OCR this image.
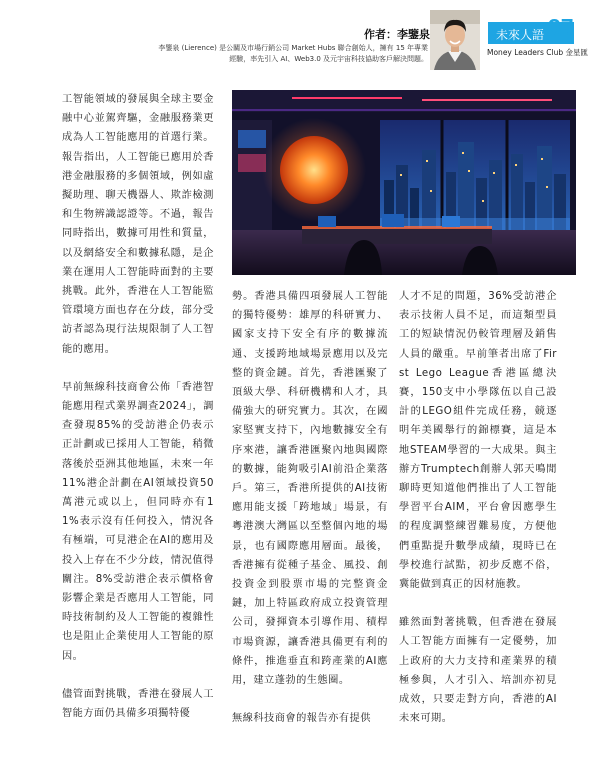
作者：李鑒泉
李鑒泉 (Lierence) 是公關及市場行銷公司 Market Hubs 聯合創始人，擁有 15 年專業經驗，率先引入 AI、Web3.0 及元宇宙科技協助客戶解決問題。
未來人語 37
Money Leaders Club 金星匯

工智能領域的發展與全球主要金融中心並駕齊驅，金融服務業更成為人工智能應用的首選行業。報告指出，人工智能已應用於香港金融服務的多個領域，例如虛擬助理、聊天機器人、欺詐檢測和生物辨識認證等。不過，報告同時指出，數據可用性和質量，以及網絡安全和數據私隱，是企業在運用人工智能時面對的主要挑戰。此外，香港在人工智能監管環境方面也存在分歧，部分受訪者認為現行法規限制了人工智能的應用。

早前無線科技商會公佈「香港智能應用程式業界調查2024」，調查發現85%的受訪港企仍表示正計劃或已採用人工智能，稍微落後於亞洲其他地區，未來一年11%港企計劃在AI領域投資50萬港元或以上，但同時亦有11%表示沒有任何投入，情況各有極端，可見港企在AI的應用及投入上存在不少分歧，情況值得關注。8%受訪港企表示價格會影響企業是否應用人工智能，同時技術制約及人工智能的複雜性也是阻止企業使用人工智能的原因。

儘管面對挑戰，香港在發展人工智能方面仍具備多項獨特優

勢。香港具備四項發展人工智能的獨特優勢：雄厚的科研實力、國家支持下安全有序的數據流通、支援跨地域場景應用以及完整的資金鏈。首先，香港匯聚了頂級大學、科研機構和人才，具備強大的研究實力。其次，在國家堅實支持下，內地數據安全有序來港，讓香港匯聚內地與國際的數據，能夠吸引AI前沿企業落戶。第三，香港所提供的AI技術應用能支援「跨地域」場景，有粵港澳大灣區以至整個內地的場景，也有國際應用層面。最後，香港擁有從種子基金、風投、創投資金到股票市場的完整資金鏈，加上特區政府成立投資管理公司，發揮資本引導作用、積桿市場資源，讓香港具備更有利的條件，推進垂直和跨產業的AI應用，建立蓬勃的生態圈。

無線科技商會的報告亦有提供

人才不足的問題，36%受訪港企表示技術人員不足，而這類型員工的短缺情況仍較管理層及銷售人員的嚴重。早前筆者出席了First Lego League香港區總決賽，150支中小學隊伍以自己設計的LEGO組件完成任務，競逐明年美國舉行的錦標賽，這是本地STEAM學習的一大成果。與主辦方Trumptech創辦人郭天鳴閒聊時更知道他們推出了人工智能學習平台AIM，平台會因應學生的程度調整練習難易度，方便他們重點提升數學成績，現時已在學校進行試點，初步反應不俗，冀能做到真正的因材施教。

雖然面對著挑戰，但香港在發展人工智能方面擁有一定優勢，加上政府的大力支持和產業界的積極參與，人才引入、培訓亦初見成效，只要走對方向，香港的AI未來可期。
